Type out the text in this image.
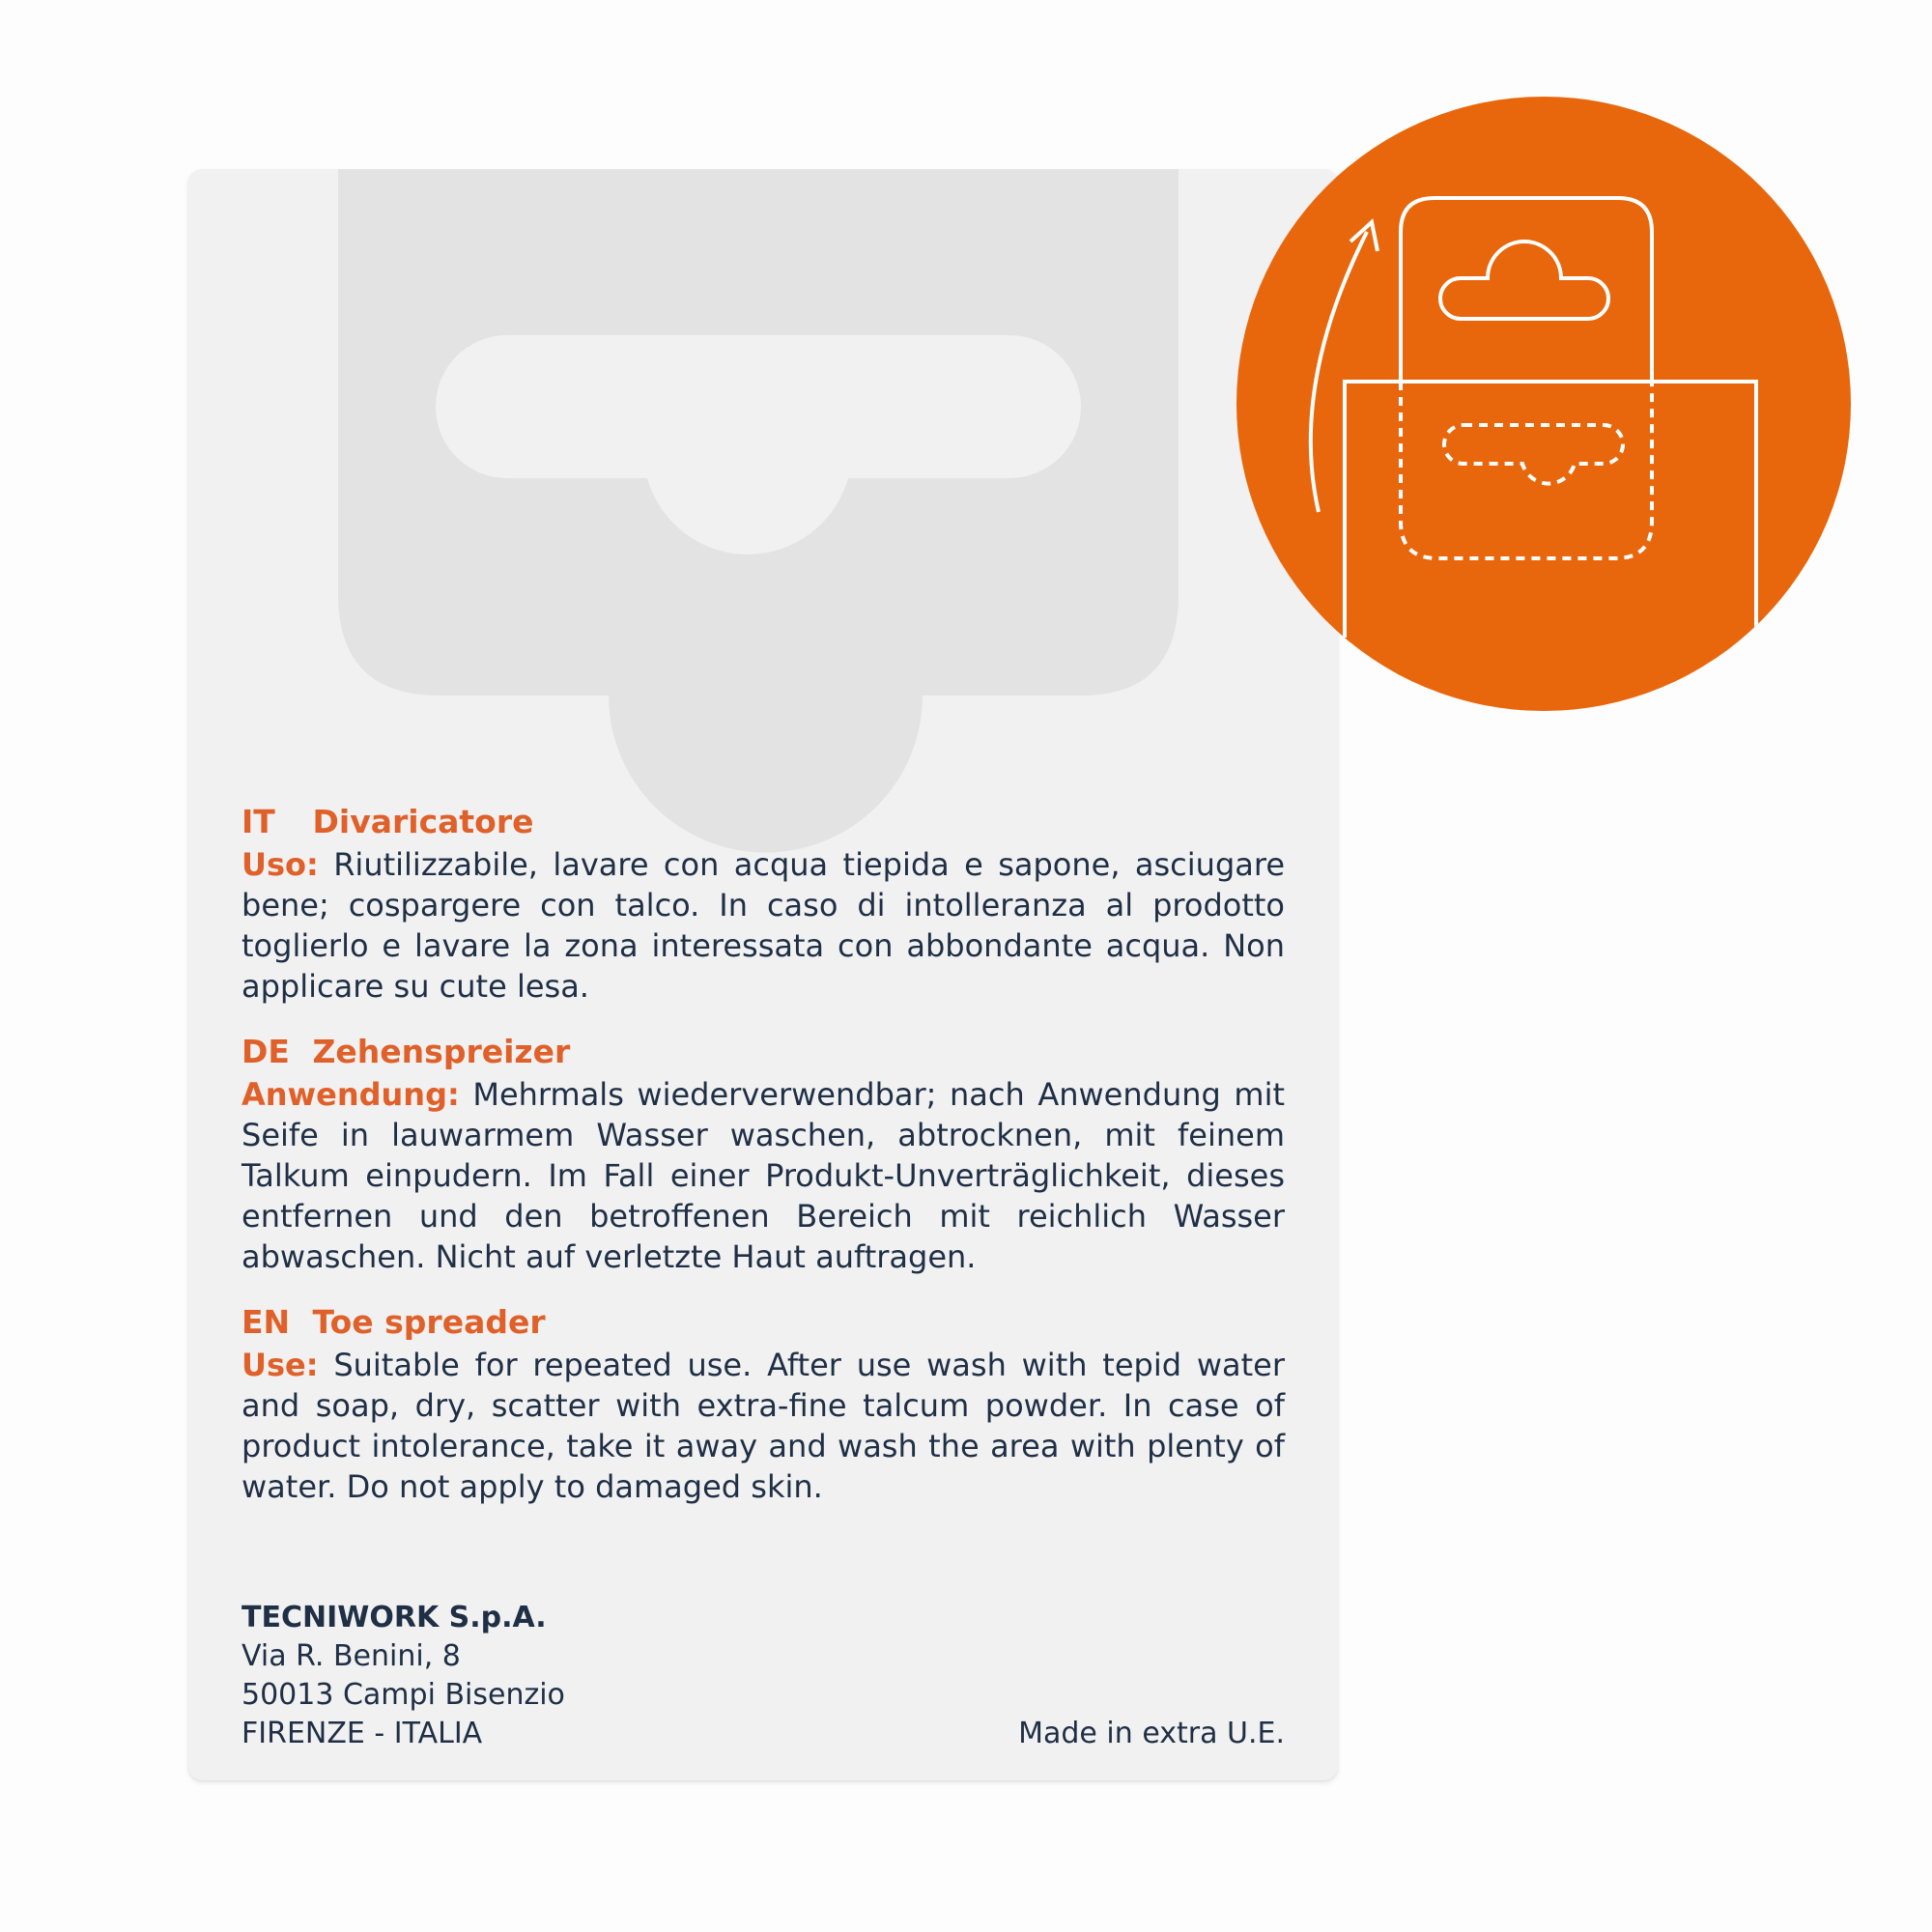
IT Divaricatore
Uso: Riutilizzabile, lavare con acqua tiepida e sapone, asciugare bene; cospargere con talco. In caso di intolleranza al prodotto toglierlo e lavare la zona interessata con abbondante acqua. Non applicare su cute lesa.
DE Zehenspreizer
Anwendung: Mehrmals wiederverwendbar; nach Anwendung mit Seife in lauwarmem Wasser waschen, abtrocknen, mit feinem Talkum einpudern. Im Fall einer Produkt-Unverträglichkeit, dieses entfernen und den betroffenen Bereich mit reichlich Wasser abwaschen. Nicht auf verletzte Haut auftragen.
EN Toe spreader
Use: Suitable for repeated use. After use wash with tepid water and soap, dry, scatter with extra-fine talcum powder. In case of product intolerance, take it away and wash the area with plenty of water. Do not apply to damaged skin.
TECNIWORK S.p.A.
Via R. Benini, 8
50013 Campi Bisenzio
FIRENZE - ITALIA	Made in extra U.E.
